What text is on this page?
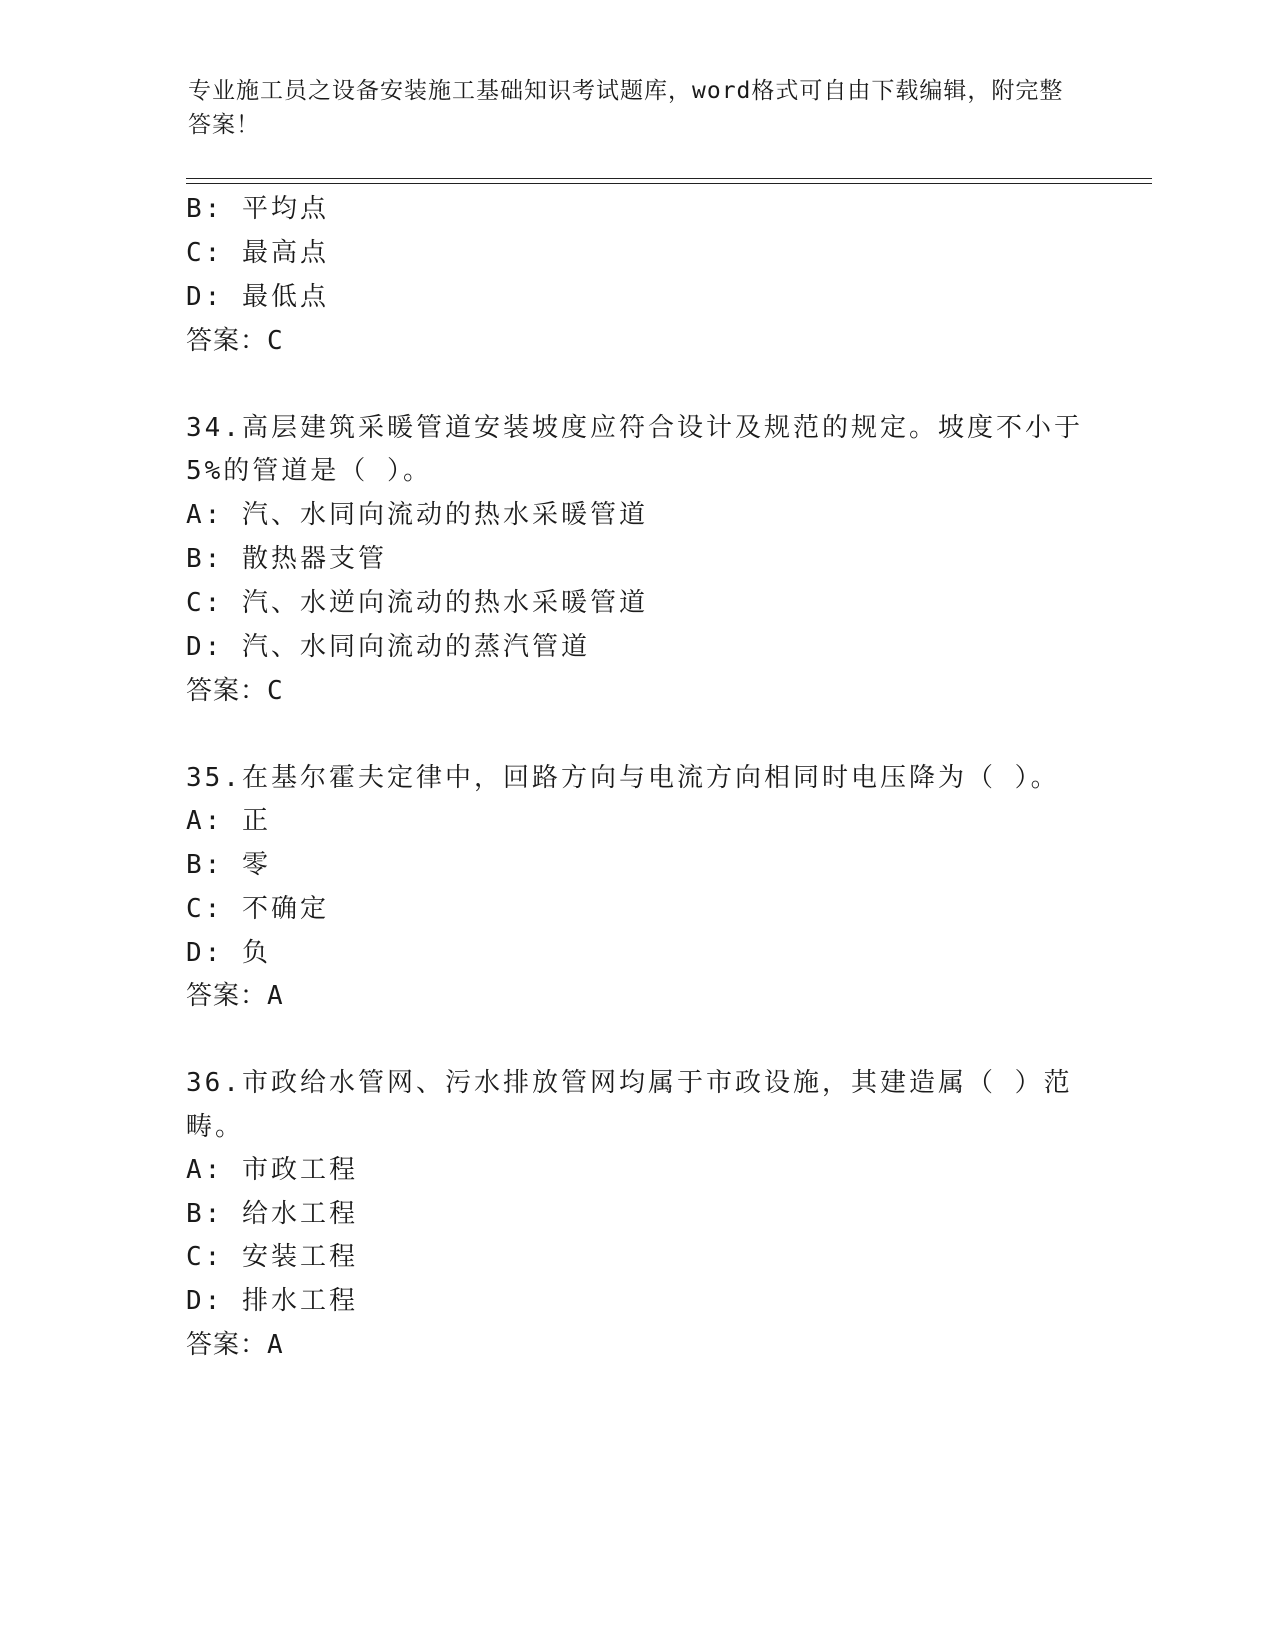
专业施工员之设备安装施工基础知识考试题库，word格式可自由下载编辑，附完整答案！

B: 平均点

C: 最高点

D: 最低点

答案：C

34.高层建筑采暖管道安装坡度应符合设计及规范的规定。坡度不小于

5%的管道是（ ）。

A: 汽、水同向流动的热水采暖管道

B: 散热器支管

C: 汽、水逆向流动的热水采暖管道

D: 汽、水同向流动的蒸汽管道

答案：C

35.在基尔霍夫定律中，回路方向与电流方向相同时电压降为（ ）。

A: 正

B: 零

C: 不确定

D: 负

答案：A

36.市政给水管网、污水排放管网均属于市政设施，其建造属（ ）范

畴。

A: 市政工程

B: 给水工程

C: 安装工程

D: 排水工程

答案：A
